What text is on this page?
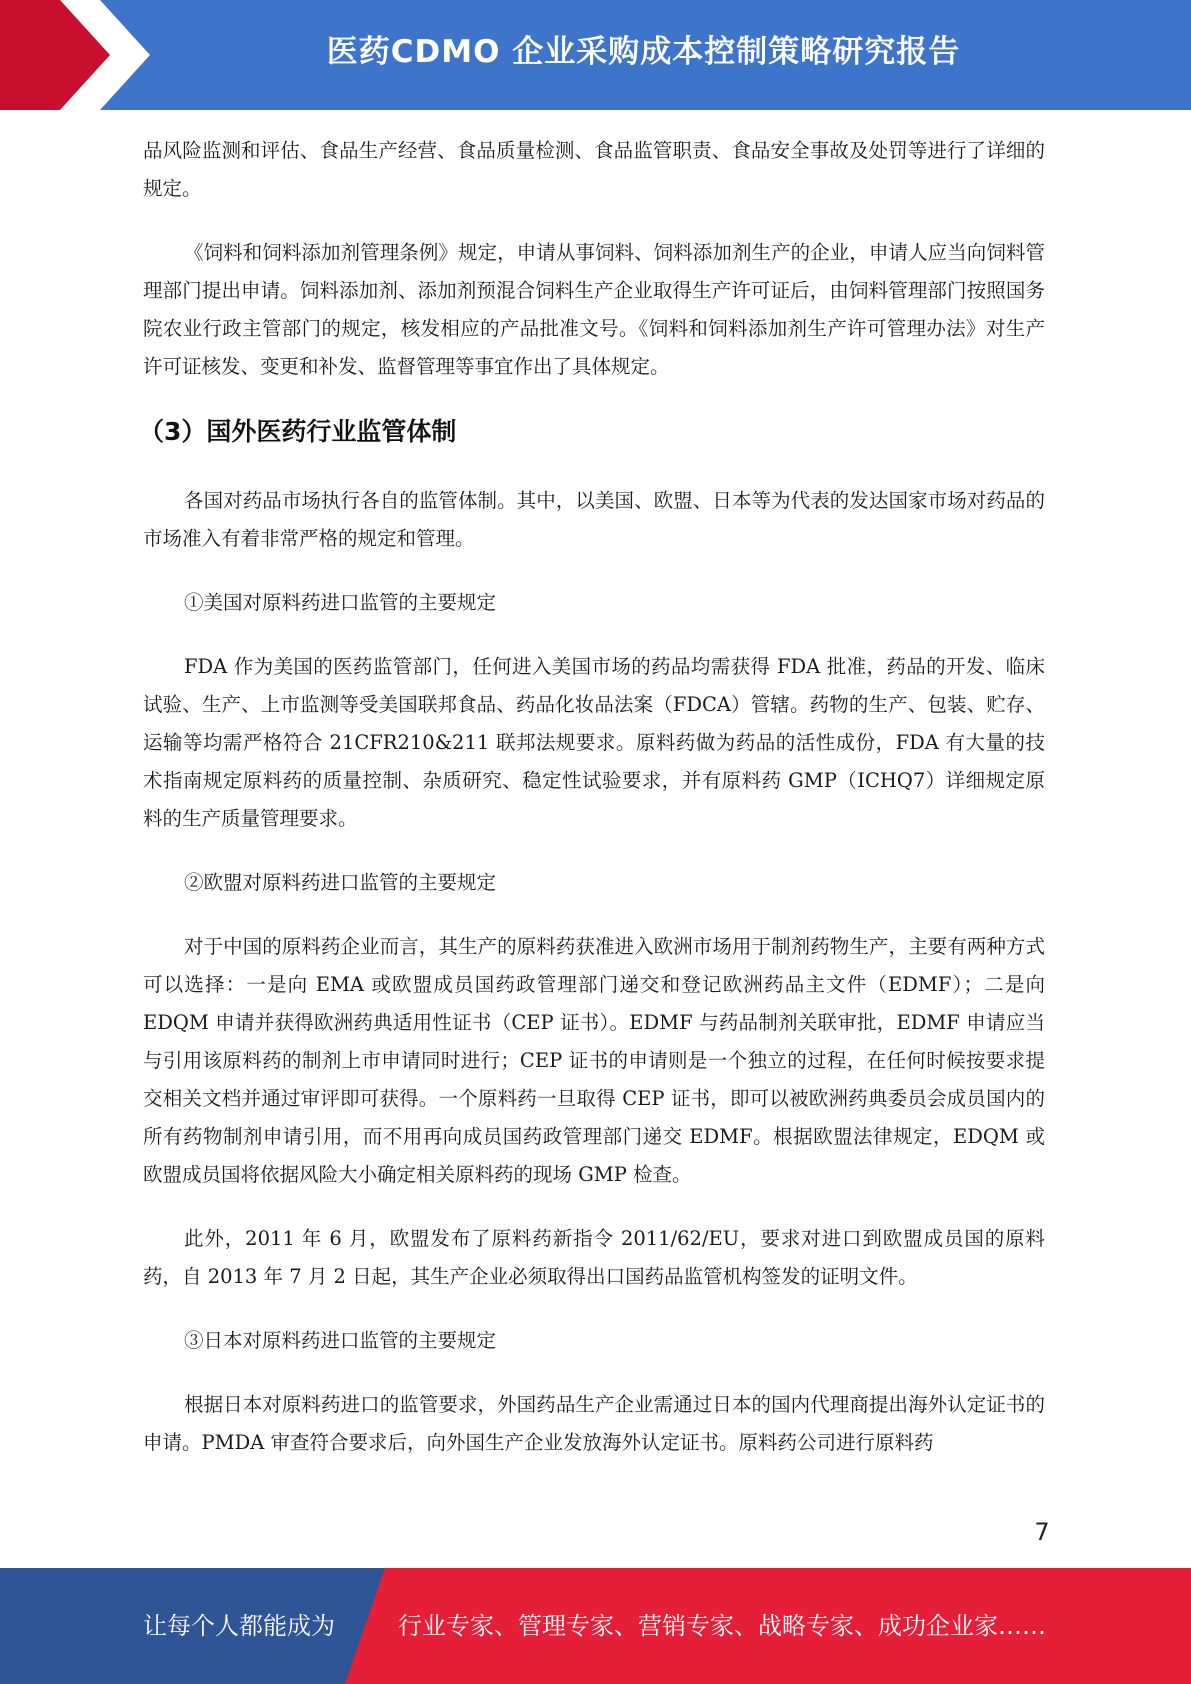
医药CDMO 企业采购成本控制策略研究报告

品风险监测和评估、食品生产经营、食品质量检测、食品监管职责、食品安全事故及处罚等进行了详细的规定。

《饲料和饲料添加剂管理条例》规定，申请从事饲料、饲料添加剂生产的企业，申请人应当向饲料管理部门提出申请。饲料添加剂、添加剂预混合饲料生产企业取得生产许可证后，由饲料管理部门按照国务院农业行政主管部门的规定，核发相应的产品批准文号。《饲料和饲料添加剂生产许可管理办法》对生产许可证核发、变更和补发、监督管理等事宜作出了具体规定。

（3）国外医药行业监管体制

各国对药品市场执行各自的监管体制。其中，以美国、欧盟、日本等为代表的发达国家市场对药品的市场准入有着非常严格的规定和管理。

①美国对原料药进口监管的主要规定

FDA 作为美国的医药监管部门，任何进入美国市场的药品均需获得 FDA 批准，药品的开发、临床试验、生产、上市监测等受美国联邦食品、药品化妆品法案（FDCA）管辖。药物的生产、包装、贮存、运输等均需严格符合 21CFR210&211 联邦法规要求。原料药做为药品的活性成份，FDA 有大量的技术指南规定原料药的质量控制、杂质研究、稳定性试验要求，并有原料药 GMP（ICHQ7）详细规定原料的生产质量管理要求。

②欧盟对原料药进口监管的主要规定

对于中国的原料药企业而言，其生产的原料药获准进入欧洲市场用于制剂药物生产，主要有两种方式可以选择：一是向 EMA 或欧盟成员国药政管理部门递交和登记欧洲药品主文件（EDMF）；二是向 EDQM 申请并获得欧洲药典适用性证书（CEP 证书）。EDMF 与药品制剂关联审批，EDMF 申请应当与引用该原料药的制剂上市申请同时进行；CEP 证书的申请则是一个独立的过程，在任何时候按要求提交相关文档并通过审评即可获得。一个原料药一旦取得 CEP 证书，即可以被欧洲药典委员会成员国内的所有药物制剂申请引用，而不用再向成员国药政管理部门递交 EDMF。根据欧盟法律规定，EDQM 或欧盟成员国将依据风险大小确定相关原料药的现场 GMP 检查。

此外，2011 年 6 月，欧盟发布了原料药新指令 2011/62/EU，要求对进口到欧盟成员国的原料药，自 2013 年 7 月 2 日起，其生产企业必须取得出口国药品监管机构签发的证明文件。

③日本对原料药进口监管的主要规定

根据日本对原料药进口的监管要求，外国药品生产企业需通过日本的国内代理商提出海外认定证书的申请。PMDA 审查符合要求后，向外国生产企业发放海外认定证书。原料药公司进行原料药

7
让每个人都能成为	行业专家、管理专家、营销专家、战略专家、成功企业家……
